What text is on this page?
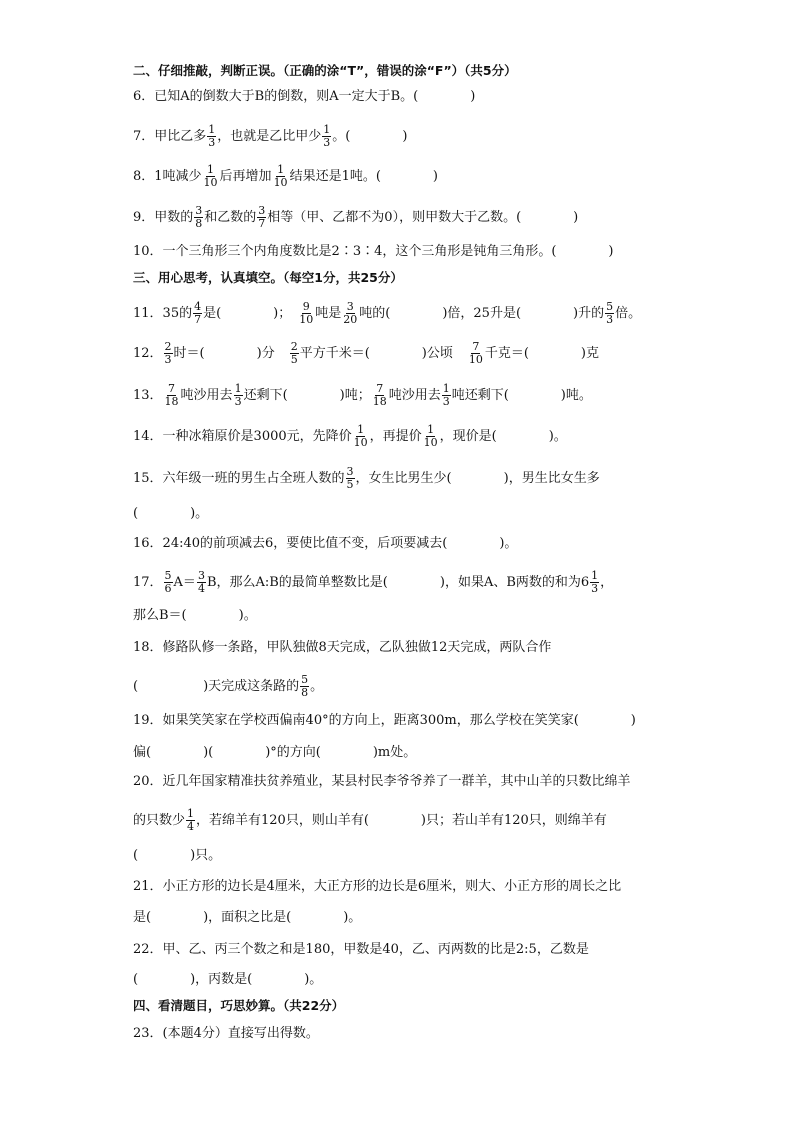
二、仔细推敲，判断正误。（正确的涂“T”，错误的涂“F”）（共5分）
6．已知A的倒数大于B的倒数，则A一定大于B。(　　　　)
7．甲比乙多 1
3 ，也就是乙比甲少 1
3 。(　　　　)
8．1吨减少 1
10 后再增加 1
10 结果还是1吨。(　　　　)
9．甲数的 3
8 和乙数的 3
7 相等（甲、乙都不为0），则甲数大于乙数。(　　　　)
10．一个三角形三个内角度数比是2∶3∶4，这个三角形是钝角三角形。(　　　　)
三、用心思考，认真填空。（每空1分，共25分）
11．35的 4
7 是(　　　　)； 9
10 吨是 3
20 吨的(　　　　)倍，25升是(　　　　)升的 5
3 倍。
12． 2
3 时＝(　　　　)分 2
5 平方千米＝(　　　　)公顷 7
10 千克＝(　　　　)克
13． 7
18 吨沙用去 1
3 还剩下(　　　　)吨； 7
18 吨沙用去 1
3 吨还剩下(　　　　)吨。
14．一种冰箱原价是3000元，先降价 1
10 ，再提价 1
10 ，现价是(　　　　)。
15．六年级一班的男生占全班人数的 3
5 ，女生比男生少(　　　　)，男生比女生多
(　　　　)。
16．24:40的前项减去6，要使比值不变，后项要减去(　　　　)。
17． 5
6 A＝ 3
4 B，那么A:B的最简单整数比是(　　　　)，如果A、B两数的和为6 1
3 ，
那么B＝(　　　　)。
18．修路队修一条路，甲队独做8天完成，乙队独做12天完成，两队合作
(　　　　　)天完成这条路的 5
8 。
19．如果笑笑家在学校西偏南40°的方向上，距离300m，那么学校在笑笑家(　　　　)
偏(　　　　)(　　　　)°的方向(　　　　)m处。
20．近几年国家精准扶贫养殖业，某县村民李爷爷养了一群羊，其中山羊的只数比绵羊
的只数少 1
4 ，若绵羊有120只，则山羊有(　　　　)只；若山羊有120只，则绵羊有
(　　　　)只。
21．小正方形的边长是4厘米，大正方形的边长是6厘米，则大、小正方形的周长之比
是(　　　　)，面积之比是(　　　　)。
22．甲、乙、丙三个数之和是180，甲数是40，乙、丙两数的比是2:5，乙数是
(　　　　)，丙数是(　　　　)。
四、看清题目，巧思妙算。（共22分）
23．(本题4分）直接写出得数。
